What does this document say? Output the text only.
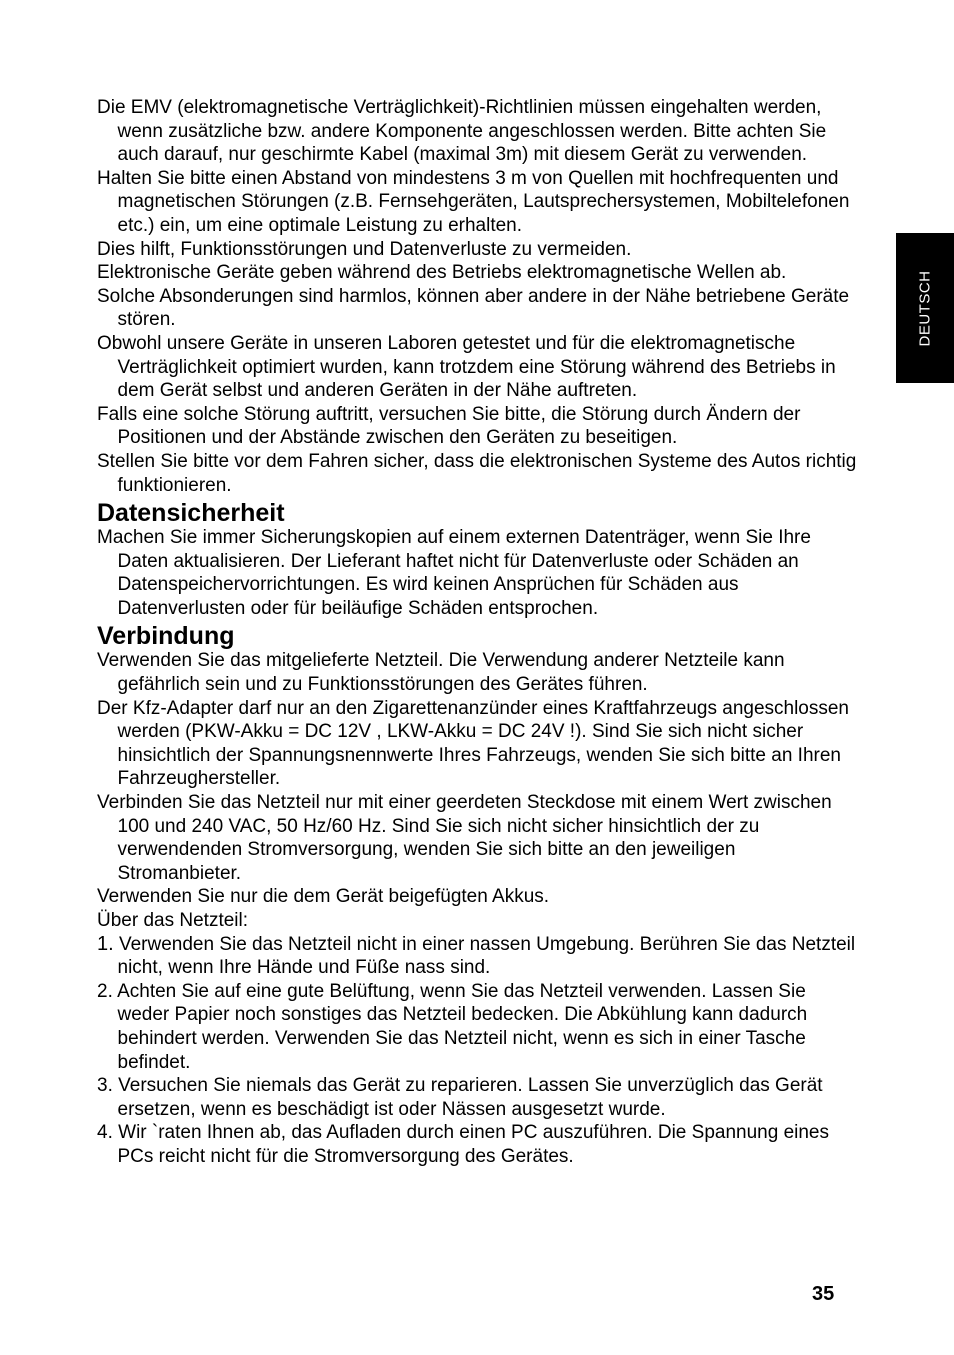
DEUTSCH

Die EMV (elektromagnetische Verträglichkeit)-Richtlinien müssen eingehalten werden, wenn zusätzliche bzw. andere Komponente angeschlossen werden. Bitte achten Sie auch darauf, nur geschirmte Kabel (maximal 3m) mit diesem Gerät zu verwenden.

Halten Sie bitte einen Abstand von mindestens 3 m von Quellen mit hochfrequenten und magnetischen Störungen (z.B. Fernsehgeräten, Lautsprechersystemen, Mobiltelefonen etc.) ein, um eine optimale Leistung zu erhalten.

Dies hilft, Funktionsstörungen und Datenverluste zu vermeiden.

Elektronische Geräte geben während des Betriebs elektromagnetische Wellen ab.

Solche Absonderungen sind harmlos, können aber andere in der Nähe betriebene Geräte stören.

Obwohl unsere Geräte in unseren Laboren getestet und für die elektromagnetische Verträglichkeit optimiert wurden, kann trotzdem eine Störung während des Betriebs in dem Gerät selbst und anderen Geräten in der Nähe auftreten.

Falls eine solche Störung auftritt, versuchen Sie bitte, die Störung durch Ändern der Positionen und der Abstände zwischen den Geräten zu beseitigen.

Stellen Sie bitte vor dem Fahren sicher, dass die elektronischen Systeme des Autos richtig funktionieren.

Datensicherheit

Machen Sie immer Sicherungskopien auf einem externen Datenträger, wenn Sie Ihre Daten aktualisieren. Der Lieferant haftet nicht für Datenverluste oder Schäden an Datenspeichervorrichtungen. Es wird keinen Ansprüchen für Schäden aus Datenverlusten oder für beiläufige Schäden entsprochen.

Verbindung

Verwenden Sie das mitgelieferte Netzteil. Die Verwendung anderer Netzteile kann gefährlich sein und zu Funktionsstörungen des Gerätes führen.

Der Kfz-Adapter darf nur an den Zigarettenanzünder eines Kraftfahrzeugs angeschlossen werden (PKW-Akku = DC 12V , LKW-Akku = DC 24V !). Sind Sie sich nicht sicher hinsichtlich der Spannungsnennwerte Ihres Fahrzeugs, wenden Sie sich bitte an Ihren Fahrzeughersteller.

Verbinden Sie das Netzteil nur mit einer geerdeten Steckdose mit einem Wert zwischen 100 und 240 VAC, 50 Hz/60 Hz. Sind Sie sich nicht sicher hinsichtlich der zu verwendenden Stromversorgung, wenden Sie sich bitte an den jeweiligen Stromanbieter.

Verwenden Sie nur die dem Gerät beigefügten Akkus.

Über das Netzteil:

1. Verwenden Sie das Netzteil nicht in einer nassen Umgebung. Berühren Sie das Netzteil nicht, wenn Ihre Hände und Füße nass sind.

2. Achten Sie auf eine gute Belüftung, wenn Sie das Netzteil verwenden. Lassen Sie weder Papier noch sonstiges das Netzteil bedecken. Die Abkühlung kann dadurch behindert werden. Verwenden Sie das Netzteil nicht, wenn es sich in einer Tasche befindet.

3. Versuchen Sie niemals das Gerät zu reparieren. Lassen Sie unverzüglich das Gerät ersetzen, wenn es beschädigt ist oder Nässen ausgesetzt wurde.

4. Wir `raten Ihnen ab, das Aufladen durch einen PC auszuführen. Die Spannung eines PCs reicht nicht für die Stromversorgung des Gerätes.

35
